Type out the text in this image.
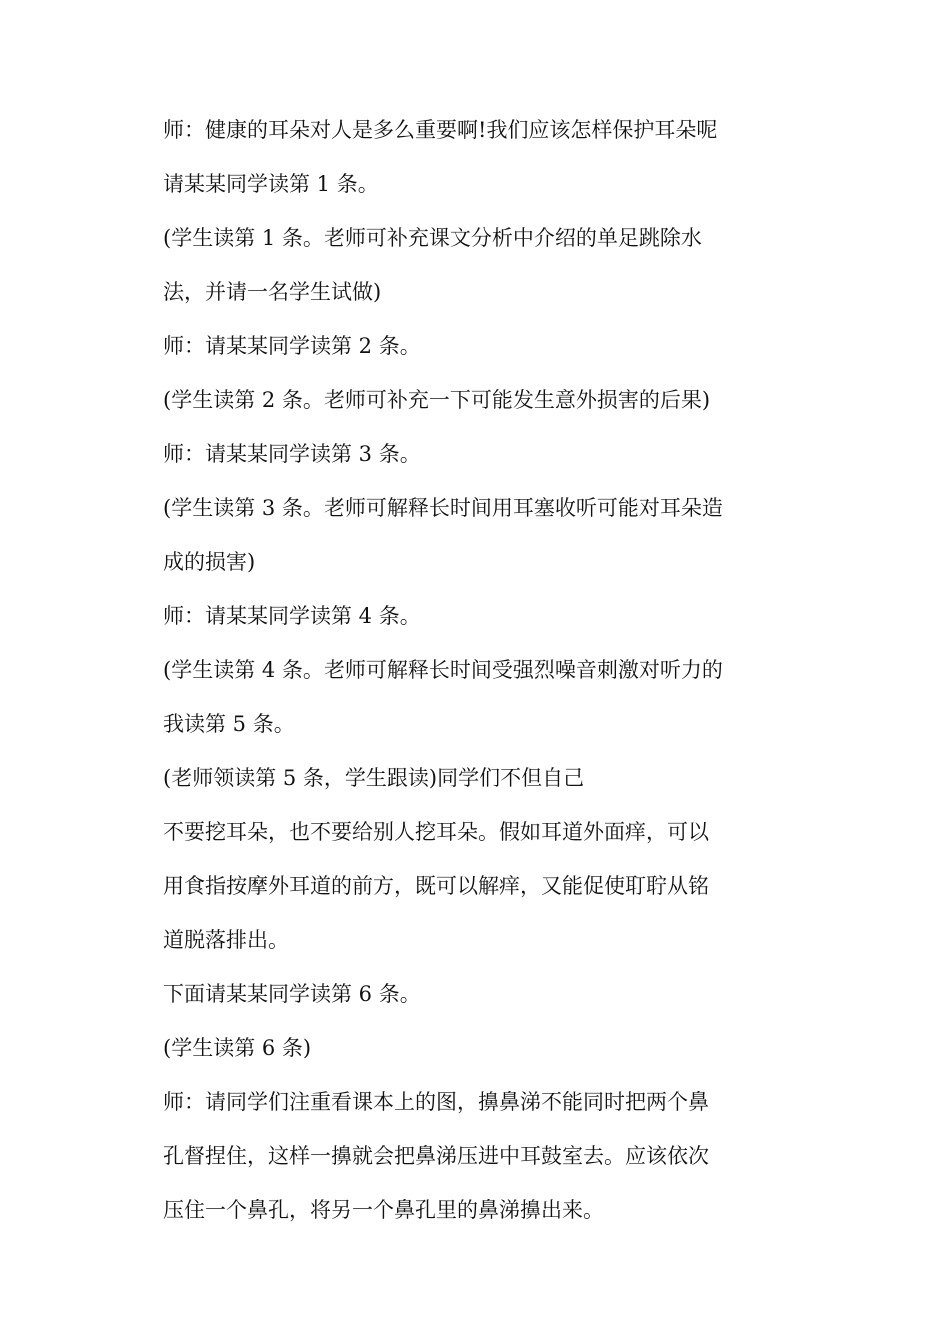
师：健康的耳朵对人是多么重要啊!我们应该怎样保护耳朵呢
请某某同学读第 1 条。
(学生读第 1 条。老师可补充课文分析中介绍的单足跳除水
法，并请一名学生试做)
师：请某某同学读第 2 条。
(学生读第 2 条。老师可补充一下可能发生意外损害的后果)
师：请某某同学读第 3 条。
(学生读第 3 条。老师可解释长时间用耳塞收听可能对耳朵造
成的损害)
师：请某某同学读第 4 条。
(学生读第 4 条。老师可解释长时间受强烈噪音刺激对听力的
我读第 5 条。
(老师领读第 5 条，学生跟读)同学们不但自己
不要挖耳朵，也不要给别人挖耳朵。假如耳道外面痒，可以
用食指按摩外耳道的前方，既可以解痒，又能促使耵聍从铭
道脱落排出。
下面请某某同学读第 6 条。
(学生读第 6 条)
师：请同学们注重看课本上的图，擤鼻涕不能同时把两个鼻
孔督捏住，这样一擤就会把鼻涕压进中耳鼓室去。应该依次
压住一个鼻孔，将另一个鼻孔里的鼻涕擤出来。
